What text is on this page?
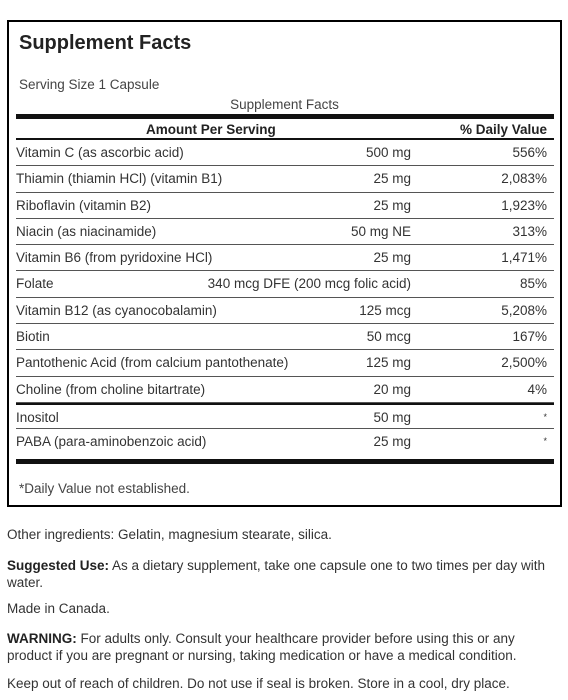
Supplement Facts
Serving Size 1 Capsule
Supplement Facts
Amount Per Serving	% Daily Value
Vitamin C (as ascorbic acid)	500 mg	556%
Thiamin (thiamin HCl) (vitamin B1)	25 mg	2,083%
Riboflavin (vitamin B2)	25 mg	1,923%
Niacin (as niacinamide)	50 mg NE	313%
Vitamin B6 (from pyridoxine HCl)	25 mg	1,471%
Folate	340 mcg DFE (200 mcg folic acid)	85%
Vitamin B12 (as cyanocobalamin)	125 mcg	5,208%
Biotin	50 mcg	167%
Pantothenic Acid (from calcium pantothenate)	125 mg	2,500%
Choline (from choline bitartrate)	20 mg	4%
Inositol	50 mg	*
PABA (para-aminobenzoic acid)	25 mg	*
*Daily Value not established.
Other ingredients: Gelatin, magnesium stearate, silica.
Suggested Use: As a dietary supplement, take one capsule one to two times per day with water.
Made in Canada.
WARNING: For adults only. Consult your healthcare provider before using this or any product if you are pregnant or nursing, taking medication or have a medical condition.
Keep out of reach of children. Do not use if seal is broken. Store in a cool, dry place.
